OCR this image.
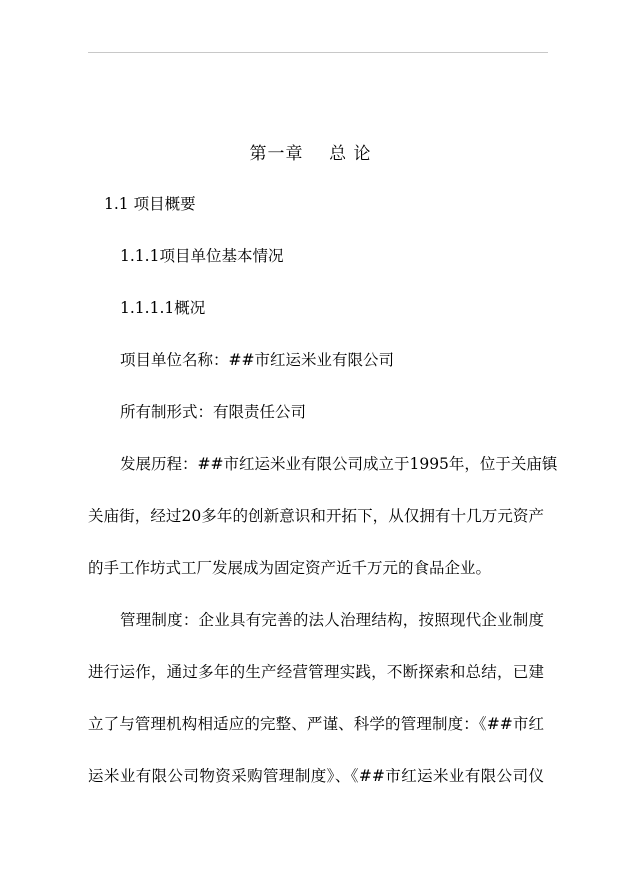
第一章    总 论
1.1 项目概要
1.1.1项目单位基本情况
1.1.1.1概况
项目单位名称：##市红运米业有限公司
所有制形式：有限责任公司
发展历程：##市红运米业有限公司成立于1995年，位于关庙镇
关庙街，经过20多年的创新意识和开拓下，从仅拥有十几万元资产
的手工作坊式工厂发展成为固定资产近千万元的食品企业。
管理制度：企业具有完善的法人治理结构，按照现代企业制度
进行运作，通过多年的生产经营管理实践，不断探索和总结，已建
立了与管理机构相适应的完整、严谨、科学的管理制度：《##市红
运米业有限公司物资采购管理制度》、《##市红运米业有限公司仪
